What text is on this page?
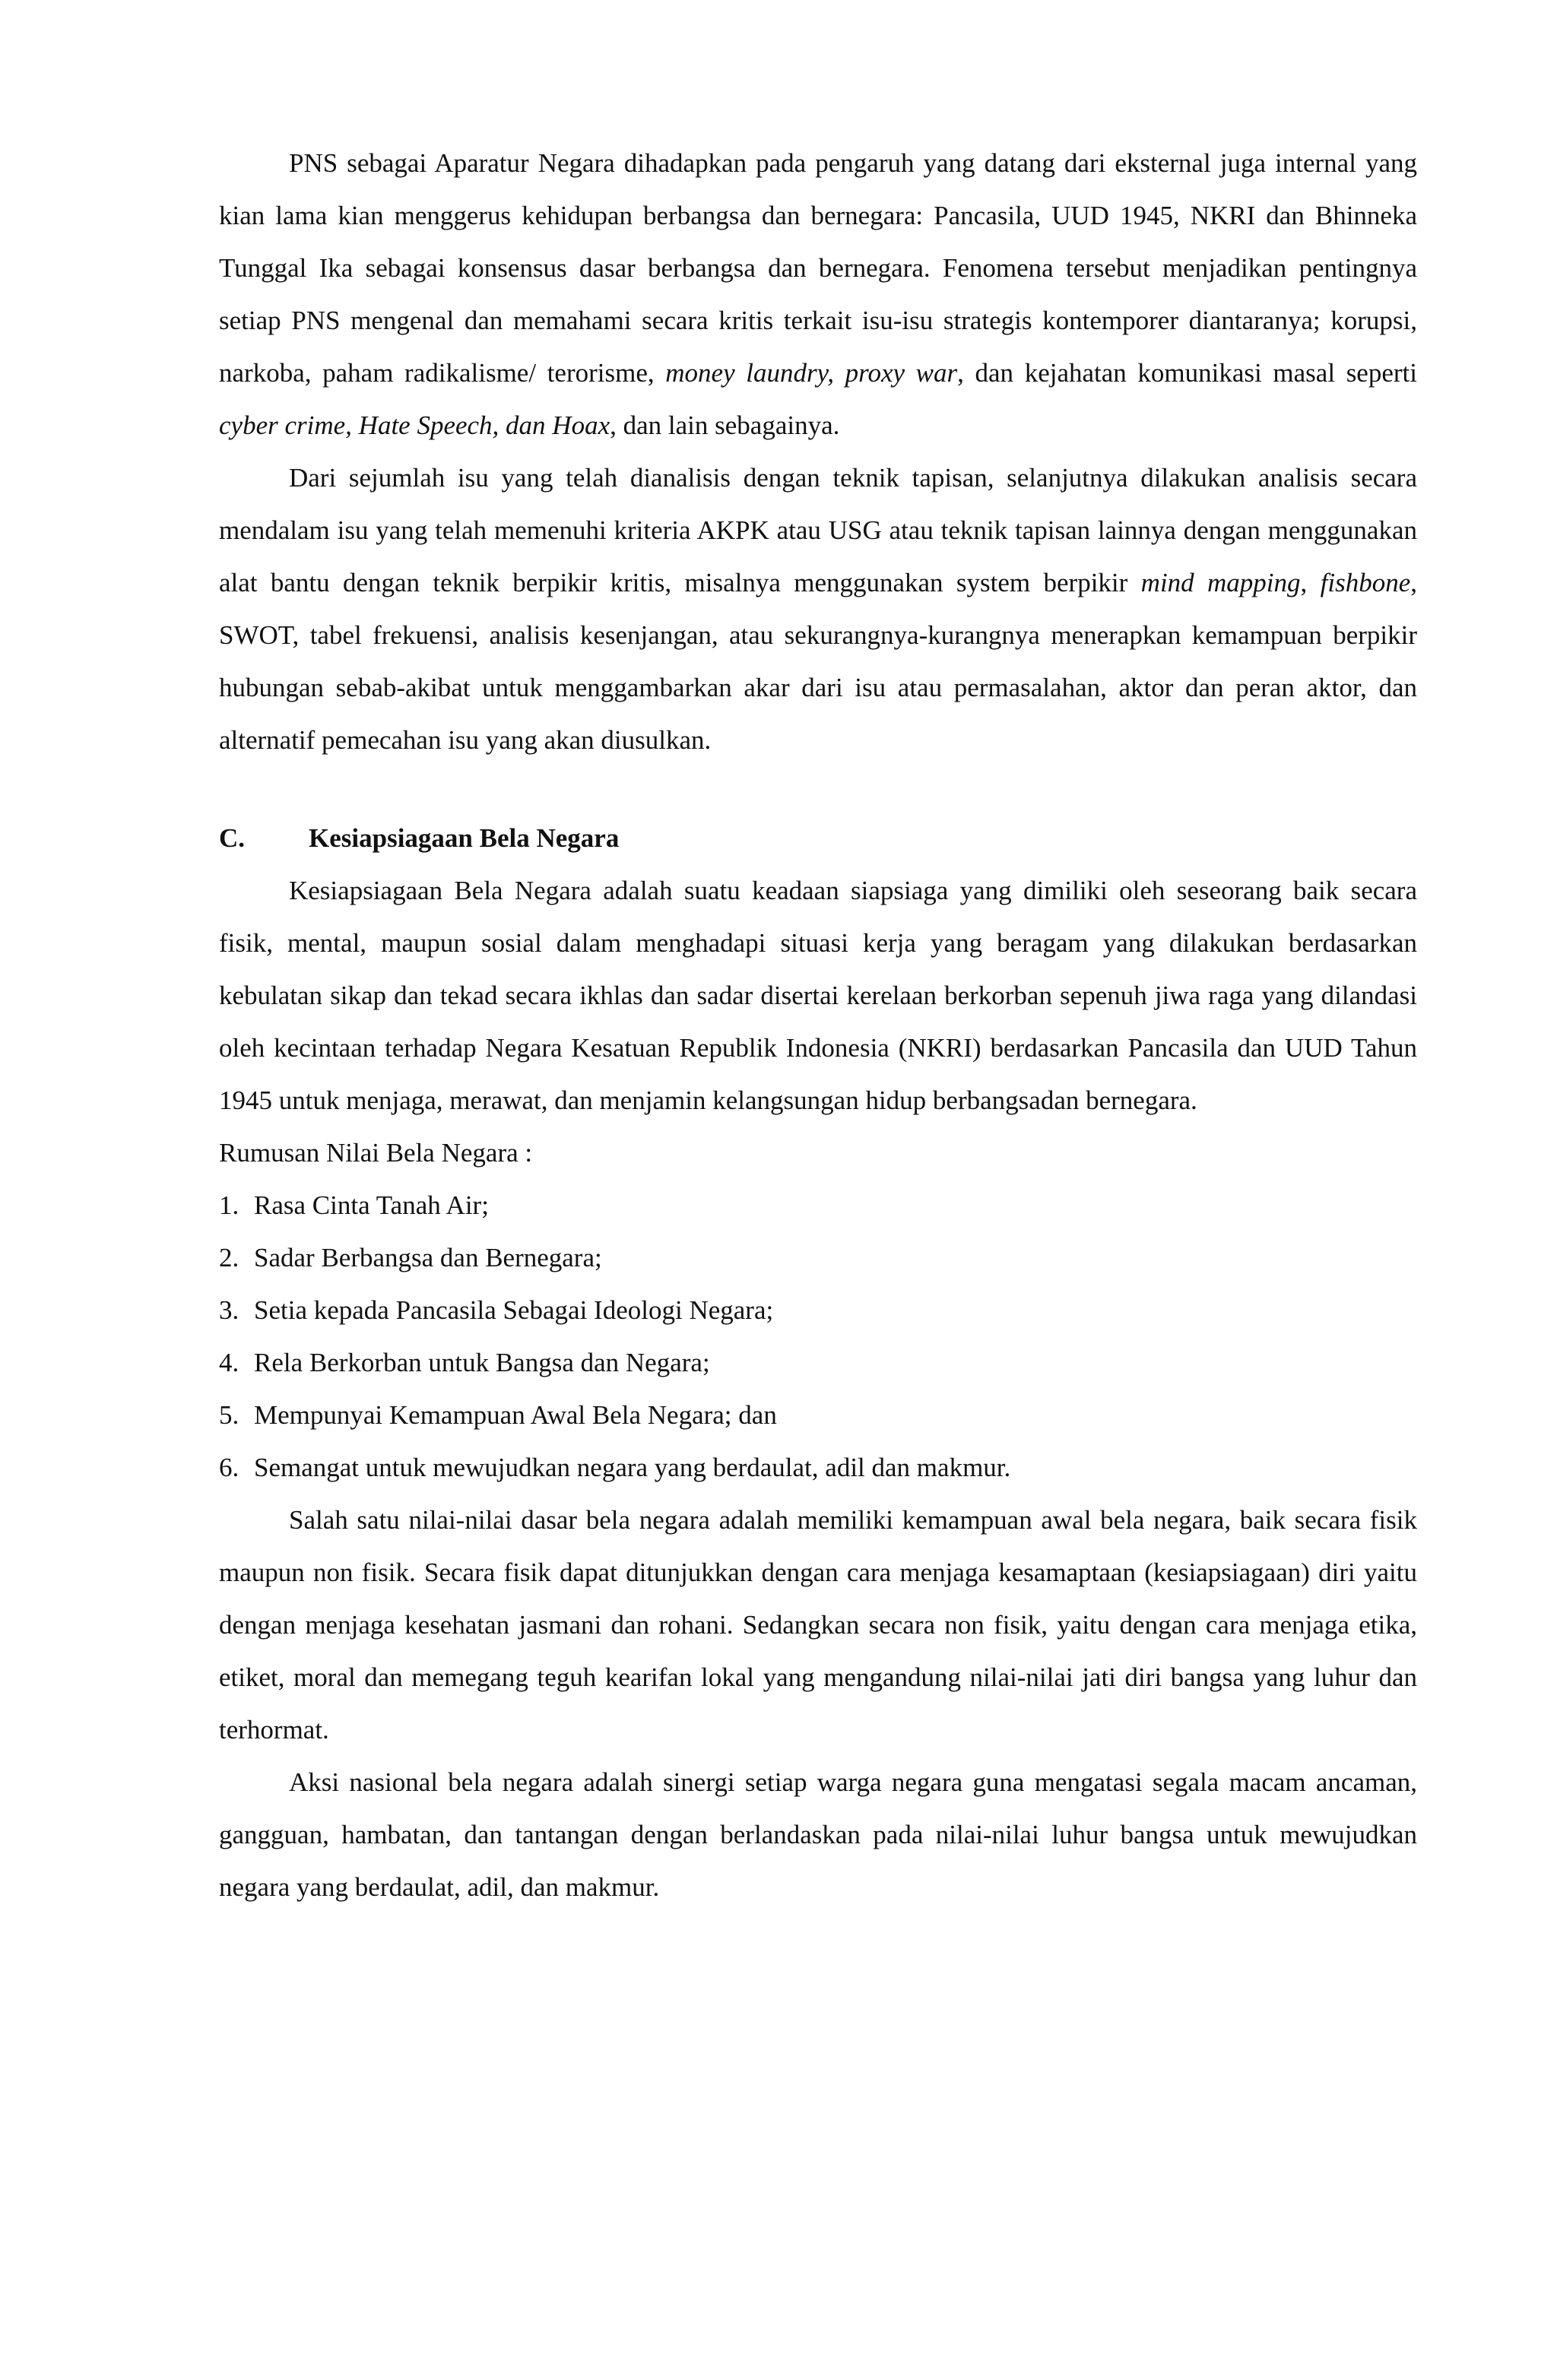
PNS sebagai Aparatur Negara dihadapkan pada pengaruh yang datang dari eksternal juga internal yang kian lama kian menggerus kehidupan berbangsa dan bernegara: Pancasila, UUD 1945, NKRI dan Bhinneka Tunggal Ika sebagai konsensus dasar berbangsa dan bernegara. Fenomena tersebut menjadikan pentingnya setiap PNS mengenal dan memahami secara kritis terkait isu-isu strategis kontemporer diantaranya; korupsi, narkoba, paham radikalisme/ terorisme, money laundry, proxy war, dan kejahatan komunikasi masal seperti cyber crime, Hate Speech, dan Hoax, dan lain sebagainya.

Dari sejumlah isu yang telah dianalisis dengan teknik tapisan, selanjutnya dilakukan analisis secara mendalam isu yang telah memenuhi kriteria AKPK atau USG atau teknik tapisan lainnya dengan menggunakan alat bantu dengan teknik berpikir kritis, misalnya menggunakan system berpikir mind mapping, fishbone, SWOT, tabel frekuensi, analisis kesenjangan, atau sekurangnya-kurangnya menerapkan kemampuan berpikir hubungan sebab-akibat untuk menggambarkan akar dari isu atau permasalahan, aktor dan peran aktor, dan alternatif pemecahan isu yang akan diusulkan.

C.	Kesiapsiagaan Bela Negara

Kesiapsiagaan Bela Negara adalah suatu keadaan siapsiaga yang dimiliki oleh seseorang baik secara fisik, mental, maupun sosial dalam menghadapi situasi kerja yang beragam yang dilakukan berdasarkan kebulatan sikap dan tekad secara ikhlas dan sadar disertai kerelaan berkorban sepenuh jiwa raga yang dilandasi oleh kecintaan terhadap Negara Kesatuan Republik Indonesia (NKRI) berdasarkan Pancasila dan UUD Tahun 1945 untuk menjaga, merawat, dan menjamin kelangsungan hidup berbangsadan bernegara.

Rumusan Nilai Bela Negara :

1. Rasa Cinta Tanah Air;
2. Sadar Berbangsa dan Bernegara;
3. Setia kepada Pancasila Sebagai Ideologi Negara;
4. Rela Berkorban untuk Bangsa dan Negara;
5. Mempunyai Kemampuan Awal Bela Negara; dan
6. Semangat untuk mewujudkan negara yang berdaulat, adil dan makmur.

Salah satu nilai-nilai dasar bela negara adalah memiliki kemampuan awal bela negara, baik secara fisik maupun non fisik. Secara fisik dapat ditunjukkan dengan cara menjaga kesamaptaan (kesiapsiagaan) diri yaitu dengan menjaga kesehatan jasmani dan rohani. Sedangkan secara non fisik, yaitu dengan cara menjaga etika, etiket, moral dan memegang teguh kearifan lokal yang mengandung nilai-nilai jati diri bangsa yang luhur dan terhormat.

Aksi nasional bela negara adalah sinergi setiap warga negara guna mengatasi segala macam ancaman, gangguan, hambatan, dan tantangan dengan berlandaskan pada nilai-nilai luhur bangsa untuk mewujudkan negara yang berdaulat, adil, dan makmur.
